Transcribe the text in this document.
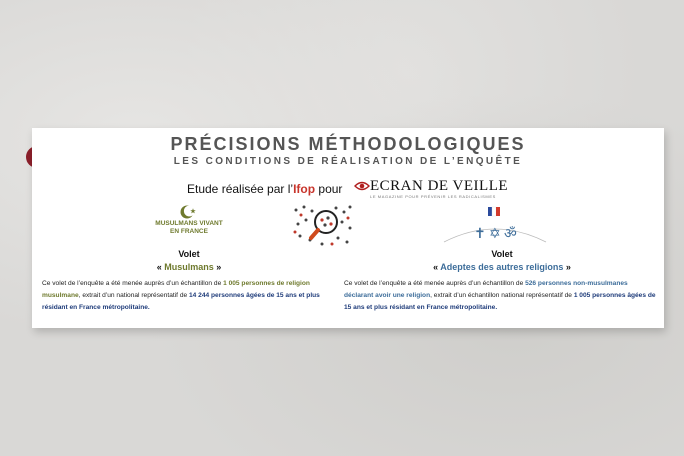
PRÉCISIONS MÉTHODOLOGIQUES
LES CONDITIONS DE RÉALISATION DE L’ENQUÊTE
Etude réalisée par l’Ifop pour ECRAN DE VEILLE
LE MAGAZINE POUR PRÉVENIR LES RADICALISMES
MUSULMANS VIVANT
EN FRANCE	✝ ✡ ॐ
Volet
« Musulmans »
Volet
« Adeptes des autres religions »
Ce volet de l’enquête a été menée auprès d’un échantillon de 1 005 personnes de religion musulmane, extrait d’un national représentatif de 14 244 personnes âgées de 15 ans et plus résidant en France métropolitaine.
Ce volet de l’enquête a été menée auprès d’un échantillon de 526 personnes non-musulmanes déclarant avoir une religion, extrait d’un échantillon national représentatif de 1 005 personnes âgées de 15 ans et plus résidant en France métropolitaine.
